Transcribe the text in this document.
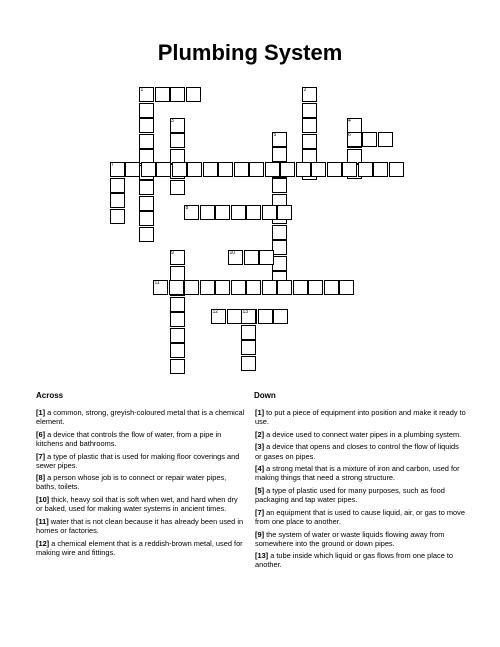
Plumbing System
1	2
3	4
5	6
7
8
9	10
11
12	13
Across	Down
[1] a common, strong, greyish-coloured metal that is a chemical element.
[6] a device that controls the flow of water, from a pipe in kitchens and bathrooms.
[7] a type of plastic that is used for making floor coverings and sewer pipes.
[8] a person whose job is to connect or repair water pipes, baths, toilets.
[10] thick, heavy soil that is soft when wet, and hard when dry or baked, used for making water systems in ancient times.
[11] water that is not clean because it has already been used in homes or factories.
[12] a chemical element that is a reddish-brown metal, used for making wire and fittings.
[1] to put a piece of equipment into position and make it ready to use.
[2] a device used to connect water pipes in a plumbing system.
[3] a device that opens and closes to control the flow of liquids or gases on pipes.
[4] a strong metal that is a mixture of iron and carbon, used for making things that need a strong structure.
[5] a type of plastic used for many purposes, such as food packaging and tap water pipes.
[7] an equipment that is used to cause liquid, air, or gas to move from one place to another.
[9] the system of water or waste liquids flowing away from somewhere into the ground or down pipes.
[13] a tube inside which liquid or gas flows from one place to another.
